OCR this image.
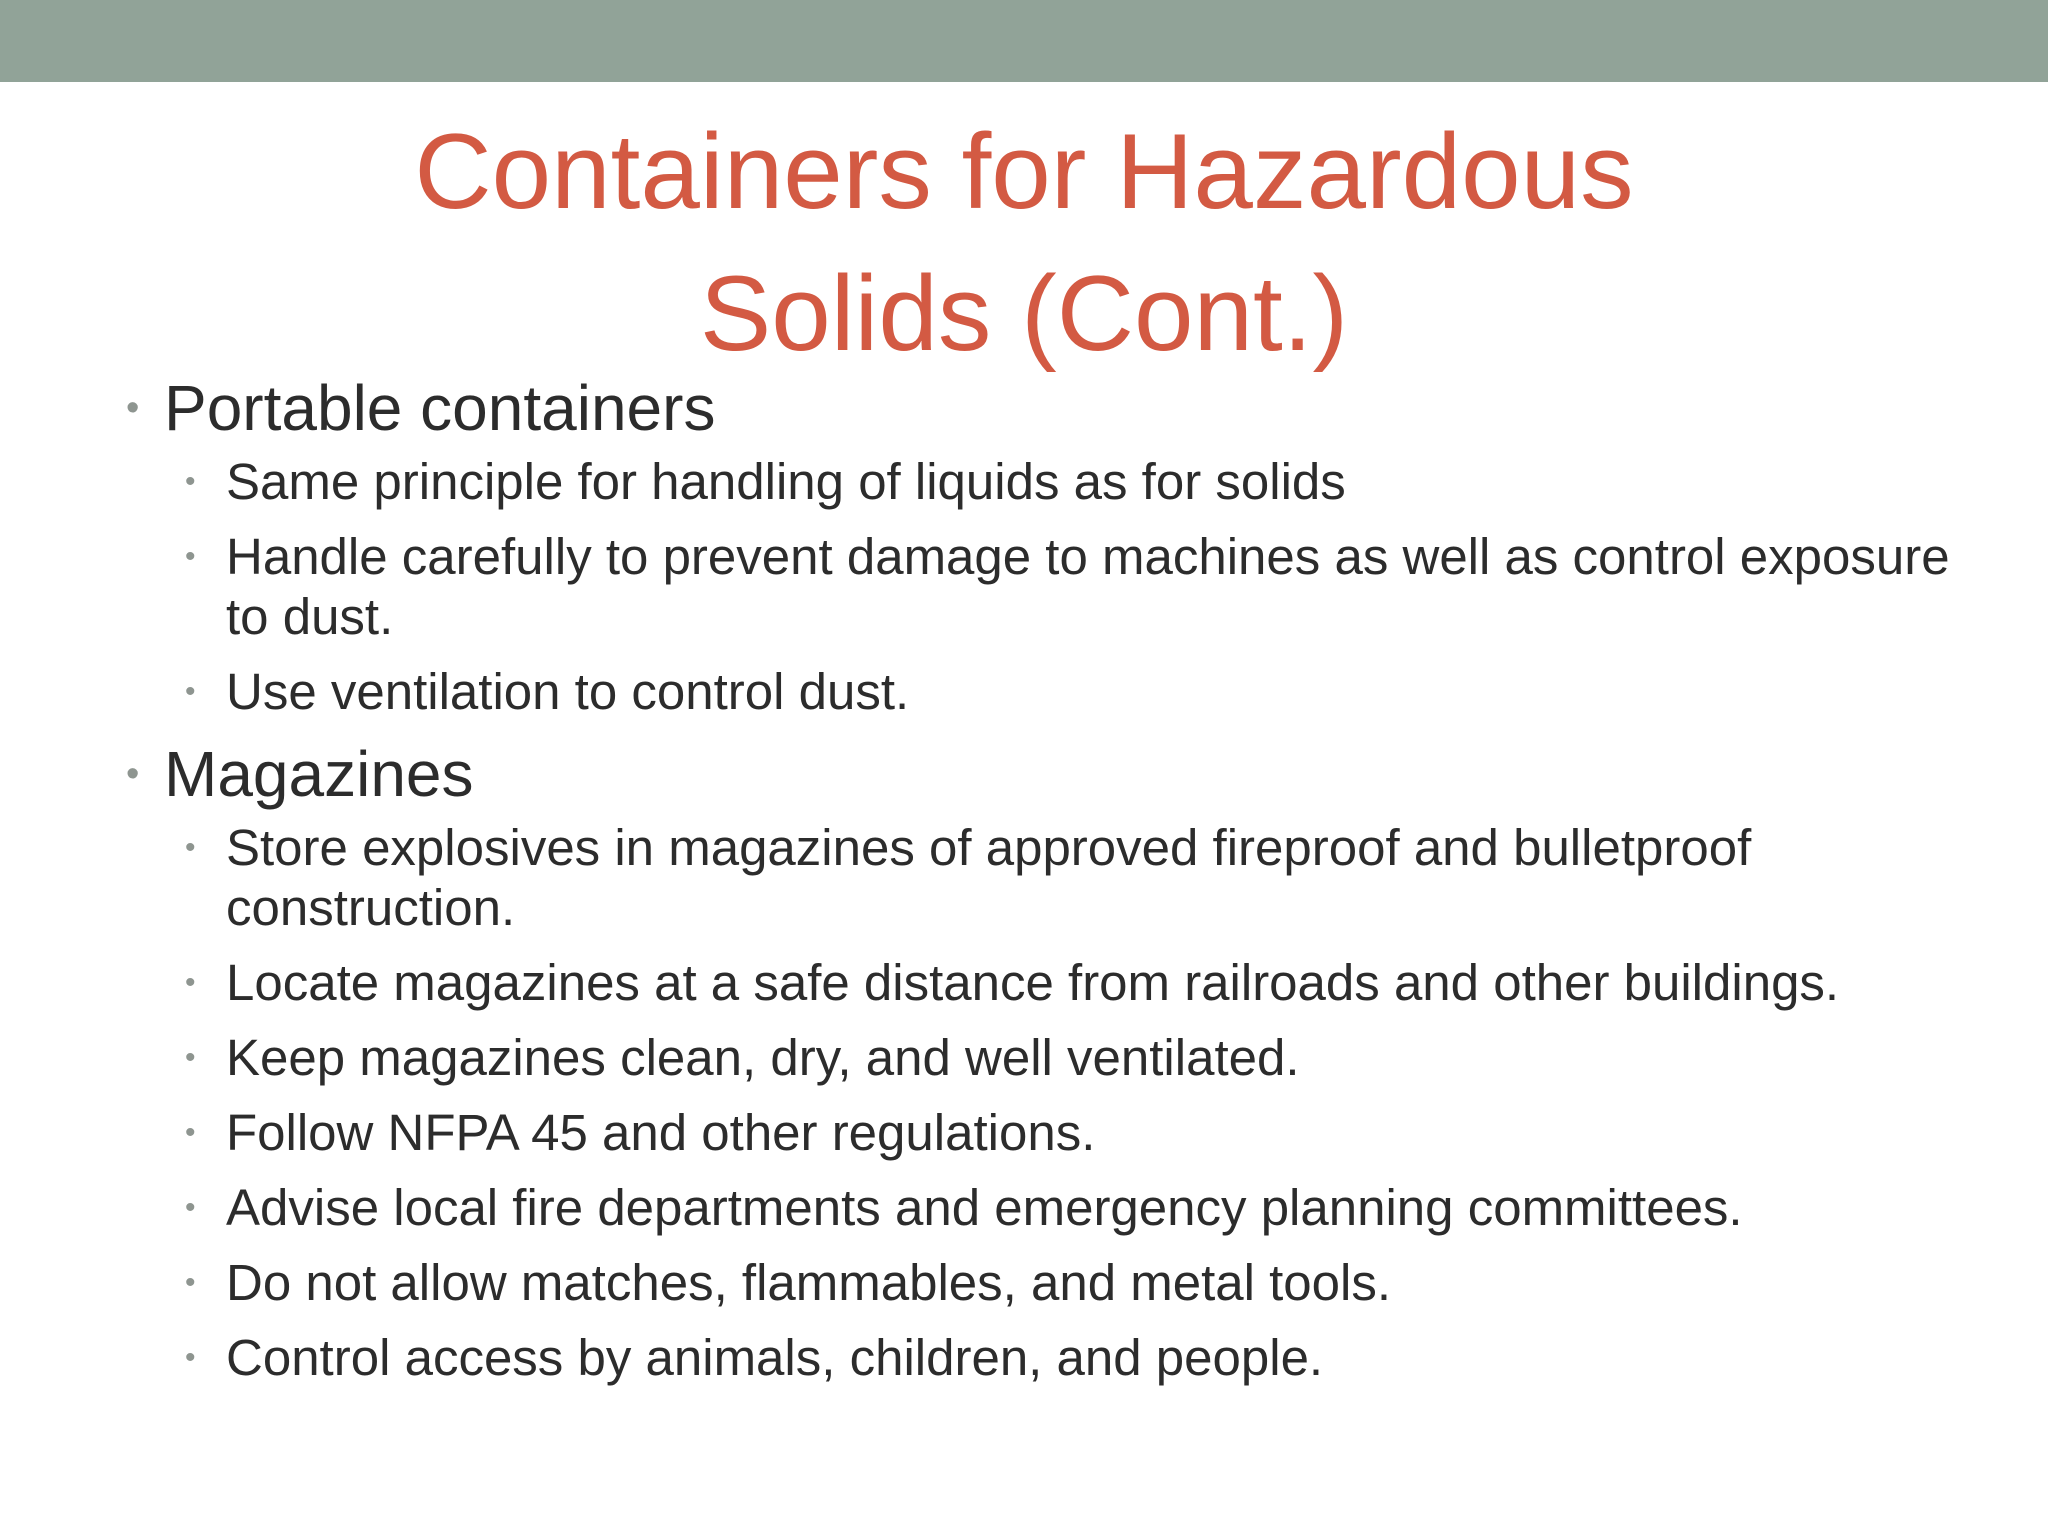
Containers for Hazardous
Solids (Cont.)
• Portable containers
• Same principle for handling of liquids as for solids
• Handle carefully to prevent damage to machines as well as control exposure to dust.
• Use ventilation to control dust.
• Magazines
• Store explosives in magazines of approved fireproof and bulletproof construction.
• Locate magazines at a safe distance from railroads and other buildings.
• Keep magazines clean, dry, and well ventilated.
• Follow NFPA 45 and other regulations.
• Advise local fire departments and emergency planning committees.
• Do not allow matches, flammables, and metal tools.
• Control access by animals, children, and people.
